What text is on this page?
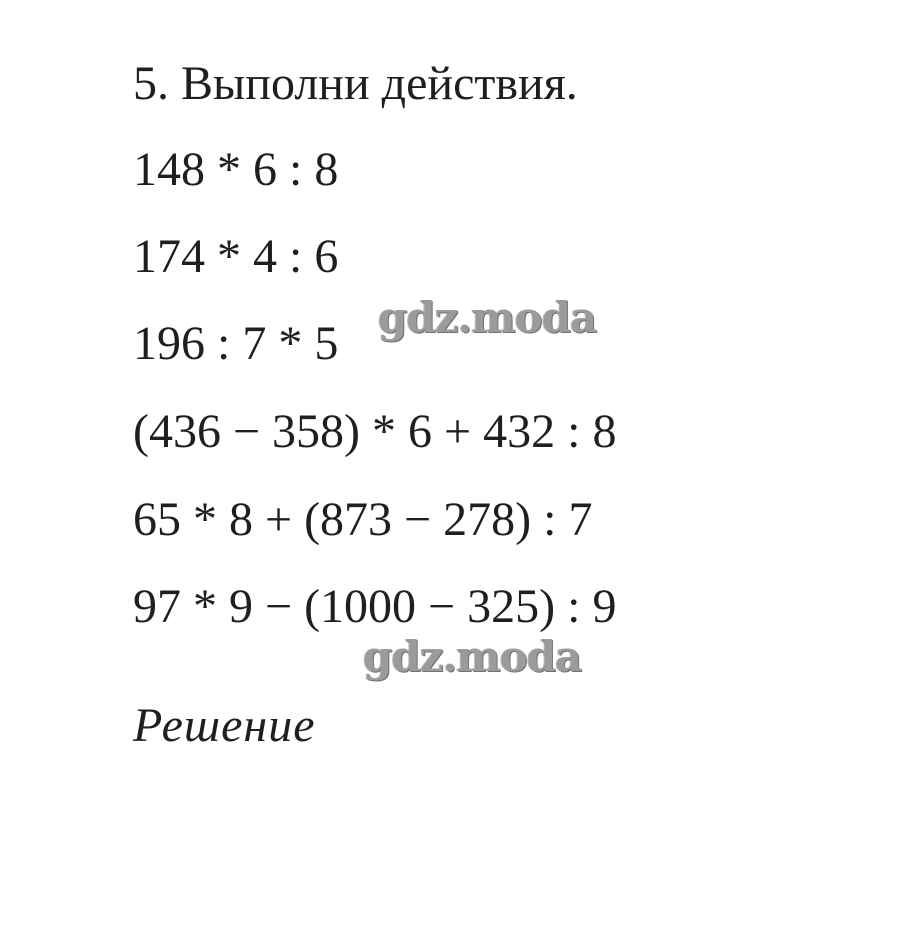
5. Выполни действия.
148 * 6 : 8
174 * 4 : 6
196 : 7 * 5
(436 − 358) * 6 + 432 : 8
65 * 8 + (873 − 278) : 7
97 * 9 − (1000 − 325) : 9
gdz.moda
gdz.moda
Решение
